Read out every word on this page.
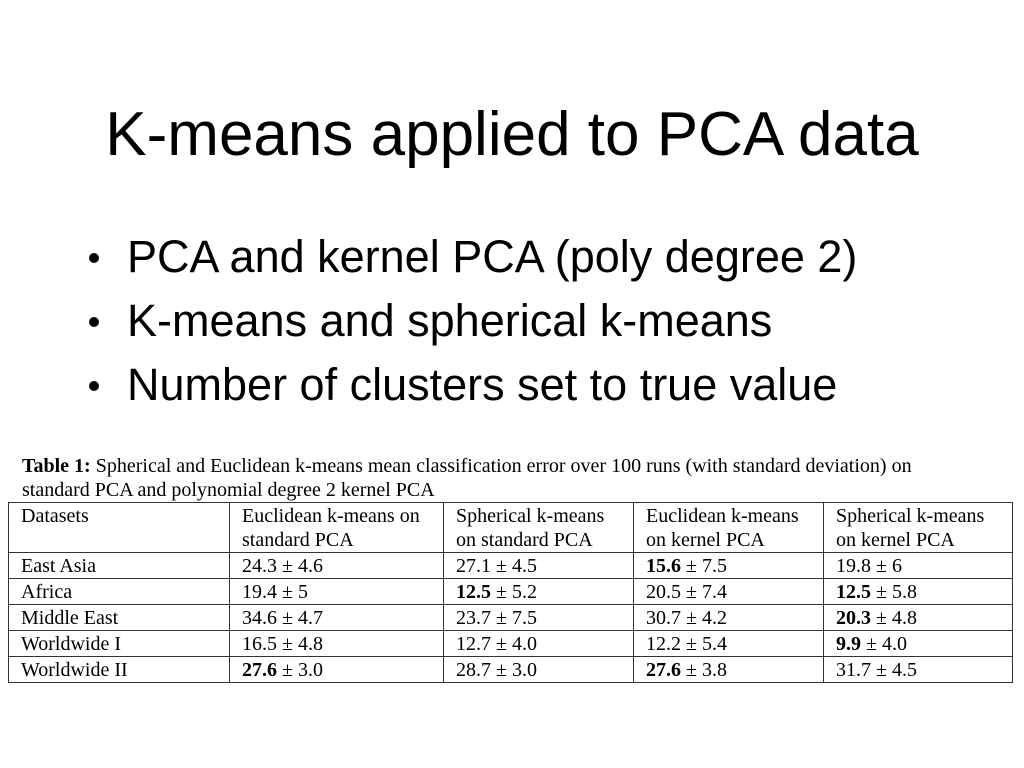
K-means applied to PCA data
PCA and kernel PCA (poly degree 2)
K-means and spherical k-means
Number of clusters set to true value
Table 1: Spherical and Euclidean k-means mean classification error over 100 runs (with standard deviation) on standard PCA and polynomial degree 2 kernel PCA
Datasets	Euclidean k-means on standard PCA	Spherical k-means on standard PCA	Euclidean k-means on kernel PCA	Spherical k-means on kernel PCA
East Asia	24.3 ± 4.6	27.1 ± 4.5	15.6 ± 7.5	19.8 ± 6
Africa	19.4 ± 5	12.5 ± 5.2	20.5 ± 7.4	12.5 ± 5.8
Middle East	34.6 ± 4.7	23.7 ± 7.5	30.7 ± 4.2	20.3 ± 4.8
Worldwide I	16.5 ± 4.8	12.7 ± 4.0	12.2 ± 5.4	9.9 ± 4.0
Worldwide II	27.6 ± 3.0	28.7 ± 3.0	27.6 ± 3.8	31.7 ± 4.5
